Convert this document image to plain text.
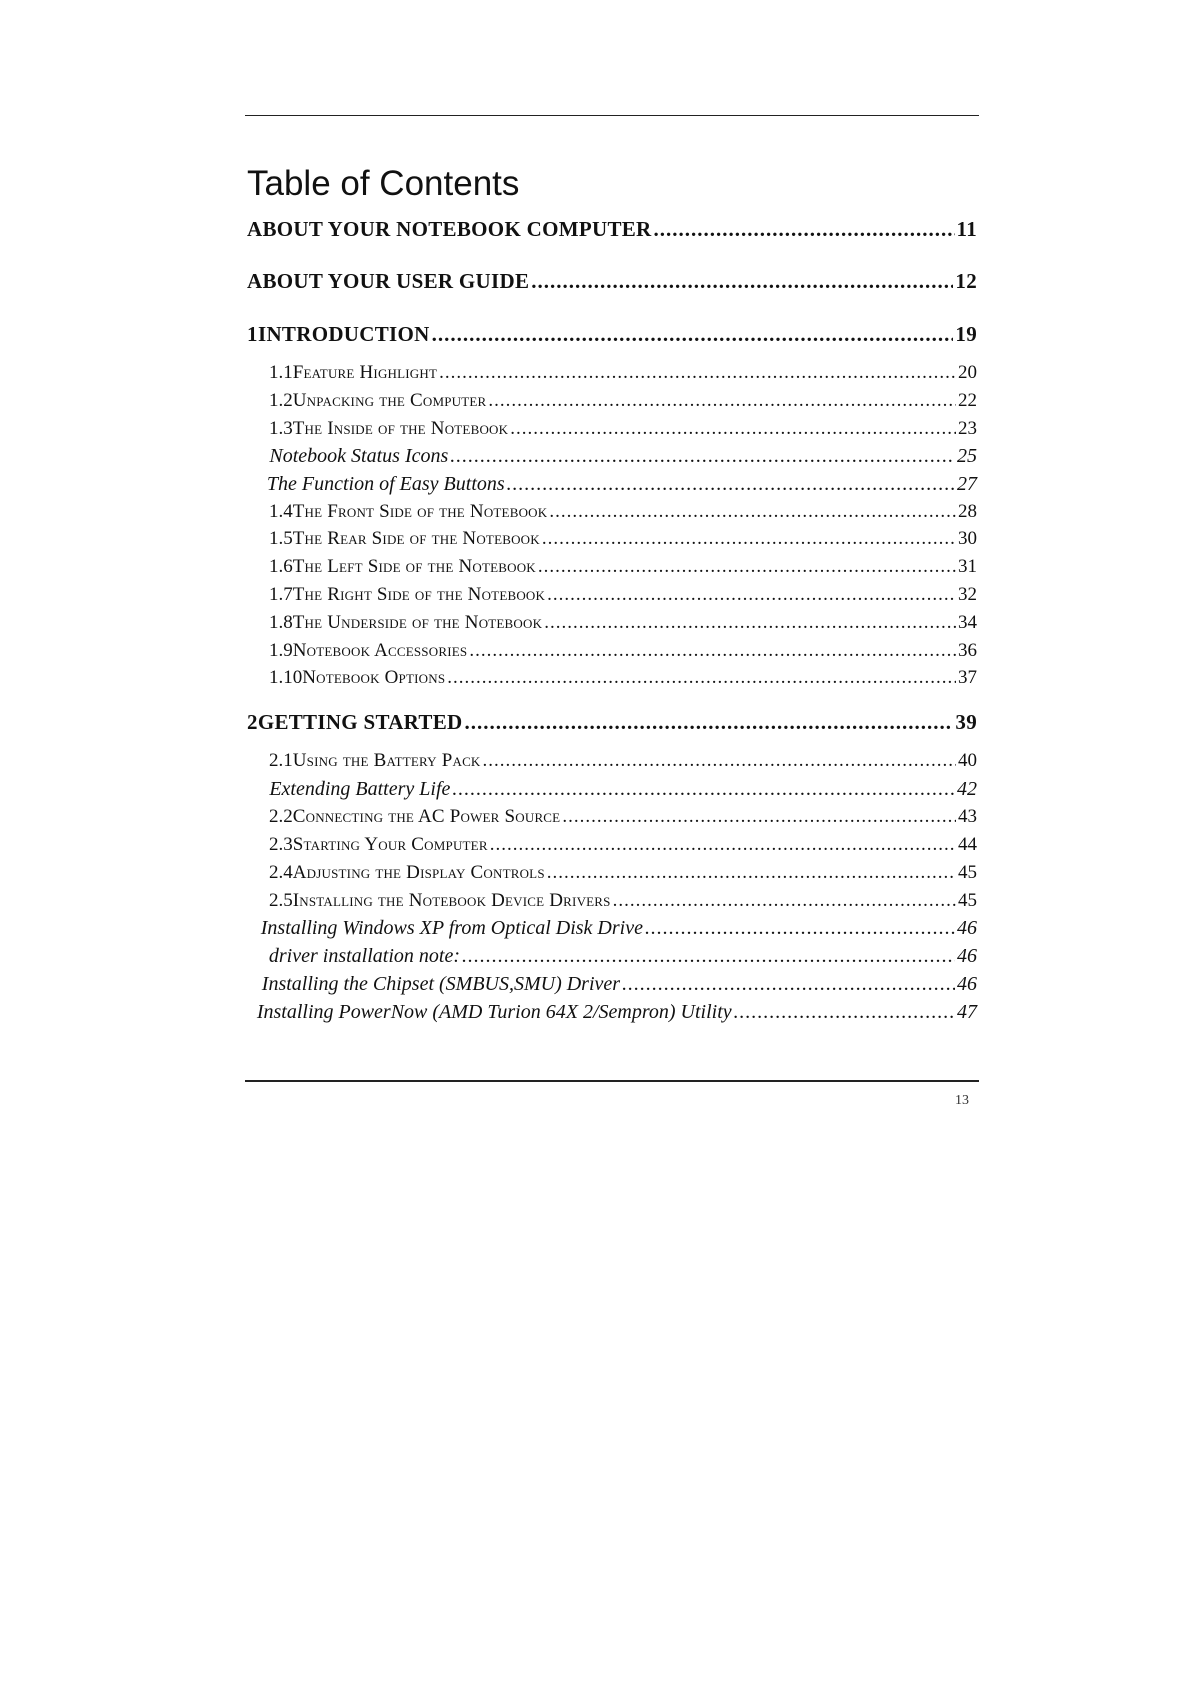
Table of Contents
ABOUT YOUR NOTEBOOK COMPUTER .....	11
ABOUT YOUR USER GUIDE .....	12
1 INTRODUCTION .....	19
1.1 Feature Highlight .....	20
1.2 Unpacking the Computer .....	22
1.3 The Inside of the Notebook .....	23
Notebook Status Icons .....	25
The Function of Easy Buttons .....	27
1.4 The Front Side of the Notebook .....	28
1.5 The Rear Side of the Notebook .....	30
1.6 The Left Side of the Notebook .....	31
1.7 The Right Side of the Notebook .....	32
1.8 The Underside of the Notebook .....	34
1.9 Notebook Accessories .....	36
1.10 Notebook Options .....	37
2 GETTING STARTED .....	39
2.1 Using the Battery Pack .....	40
Extending Battery Life .....	42
2.2 Connecting the AC Power Source .....	43
2.3 Starting Your Computer .....	44
2.4 Adjusting the Display Controls .....	45
2.5 Installing the Notebook Device Drivers .....	45
Installing Windows XP from Optical Disk Drive .....	46
driver installation note: .....	46
Installing the Chipset (SMBUS,SMU) Driver .....	46
Installing PowerNow (AMD Turion 64X 2/Sempron) Utility .....	47
13
